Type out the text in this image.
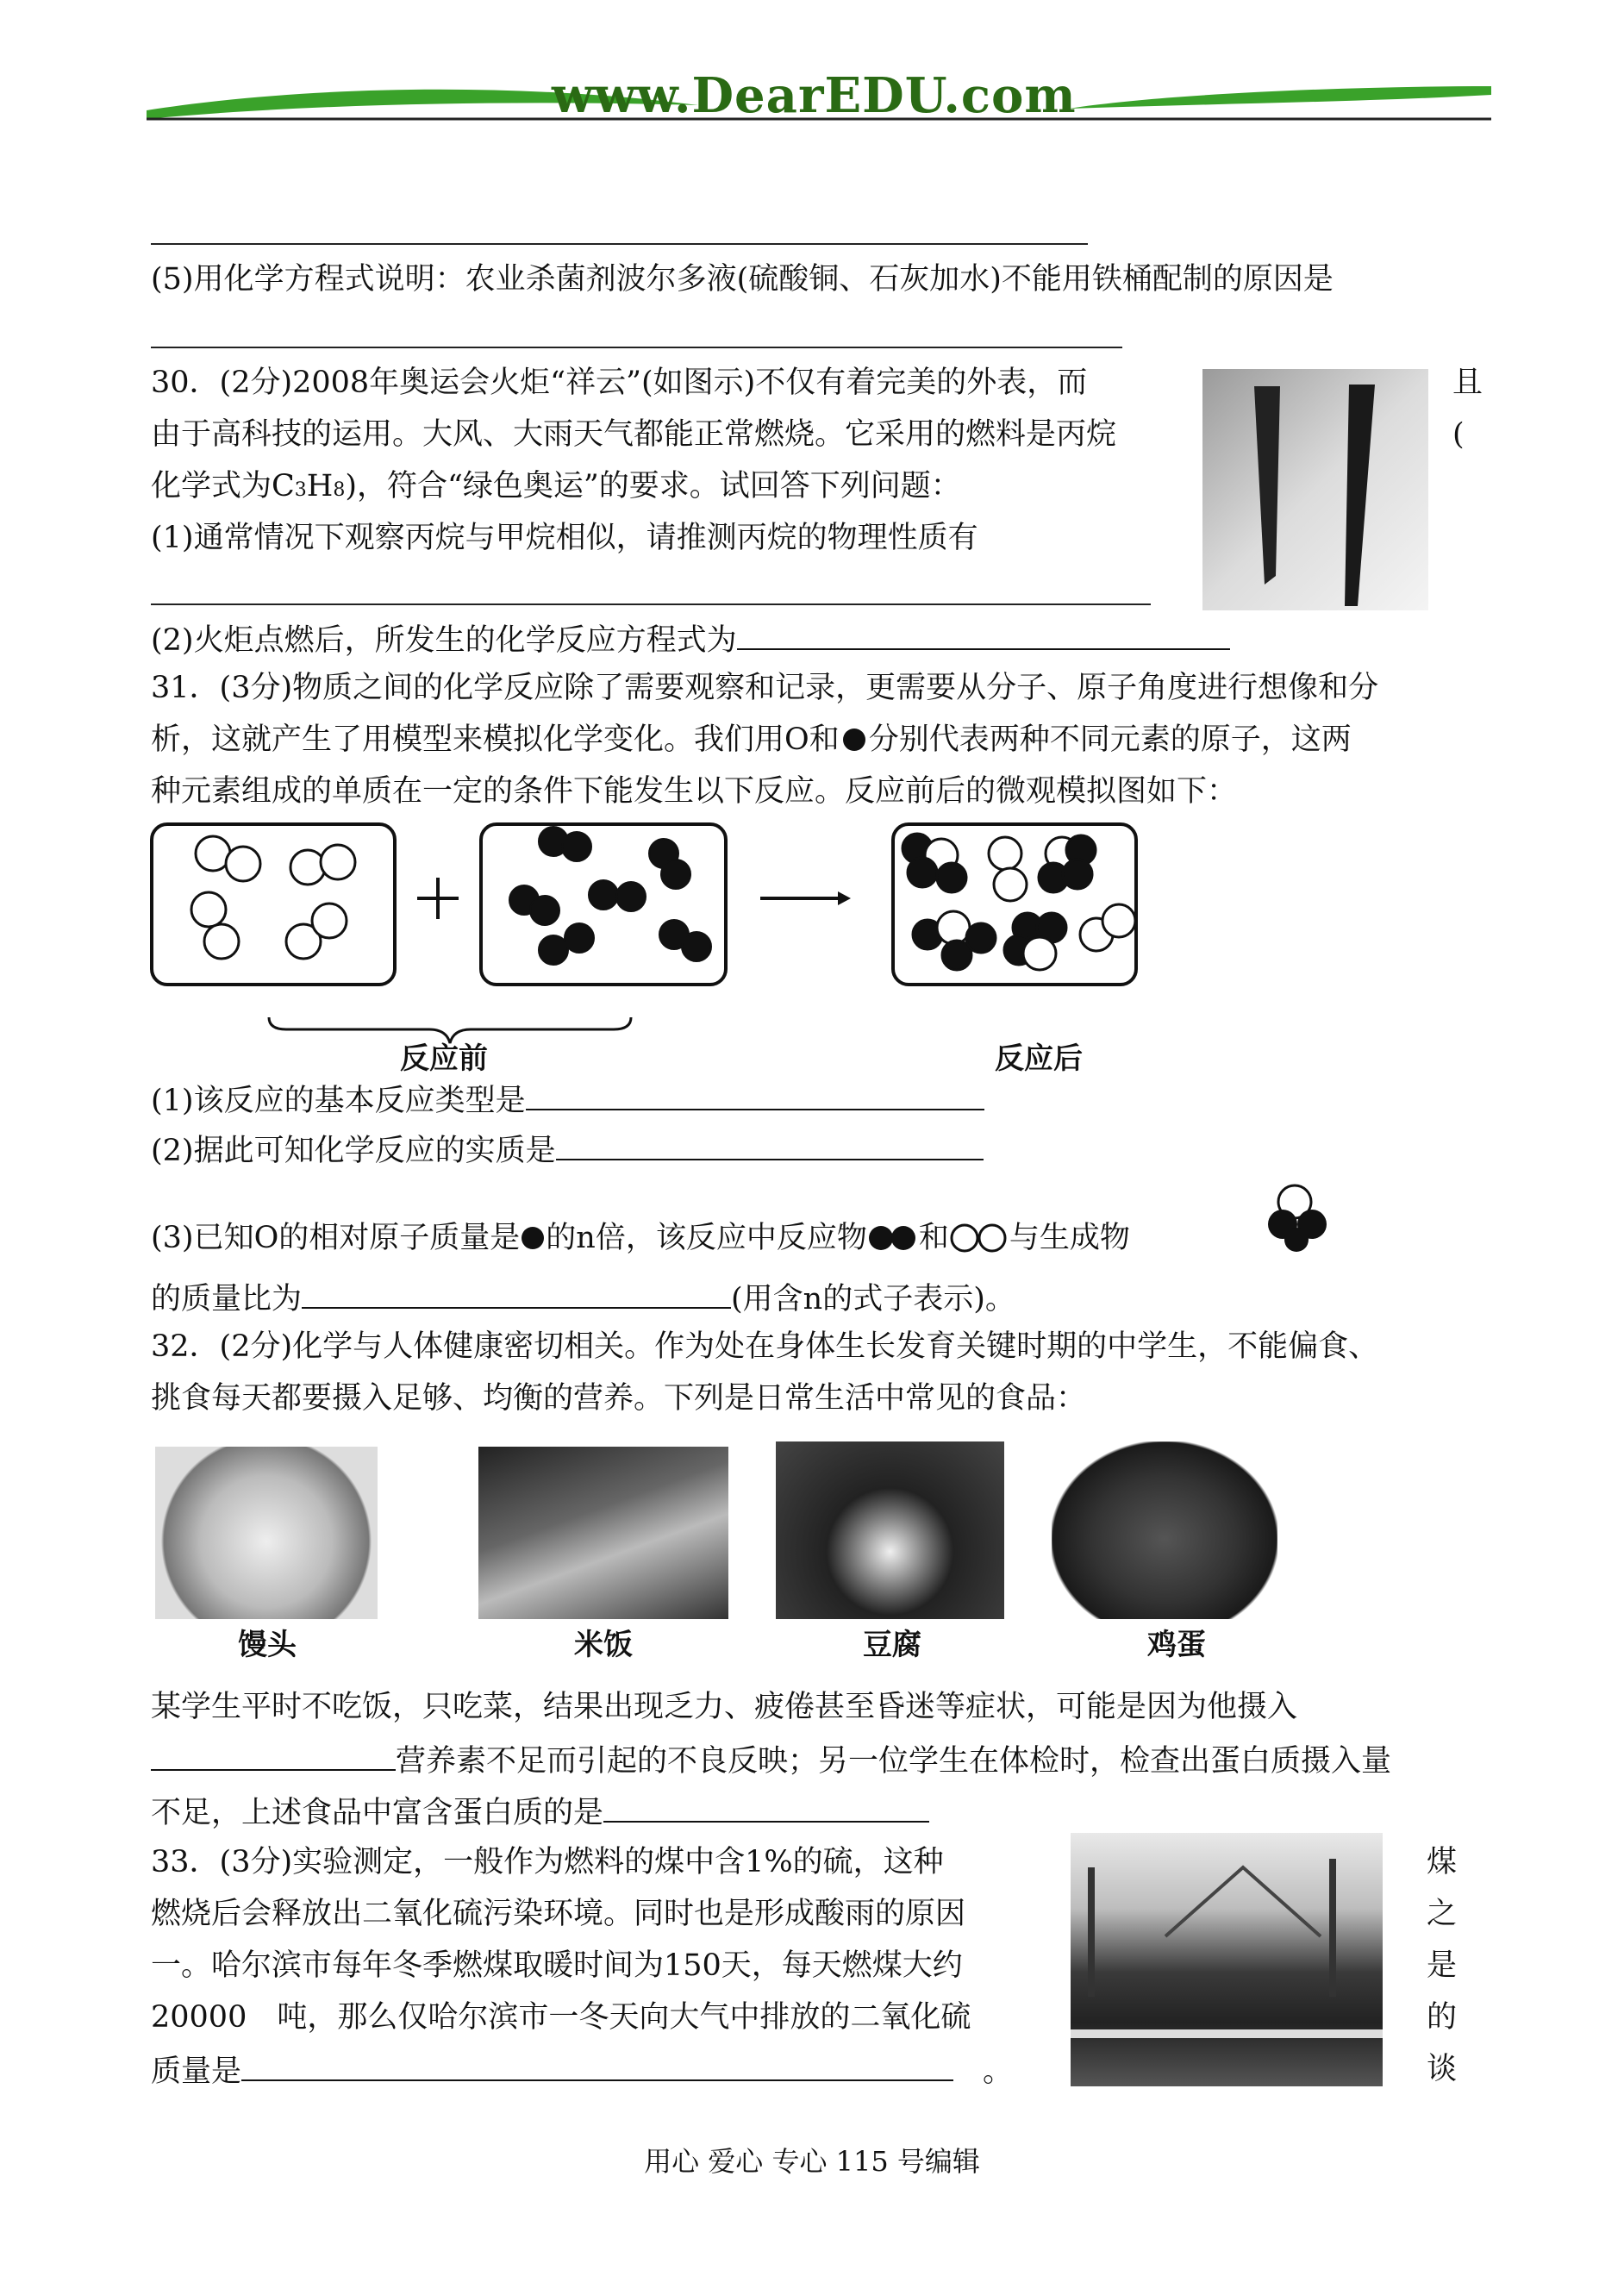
www.DearEDU.com
(5)用化学方程式说明：农业杀菌剂波尔多液(硫酸铜、石灰加水)不能用铁桶配制的原因是
30．(2分)2008年奥运会火炬“祥云”(如图示)不仅有着完美的外表，而	且
由于高科技的运用。大风、大雨天气都能正常燃烧。它采用的燃料是丙烷	(
化学式为C3H8)，符合“绿色奥运”的要求。试回答下列问题：
(1)通常情况下观察丙烷与甲烷相似，请推测丙烷的物理性质有
(2)火炬点燃后，所发生的化学反应方程式为
31．(3分)物质之间的化学反应除了需要观察和记录，更需要从分子、原子角度进行想像和分
析，这就产生了用模型来模拟化学变化。我们用O和 分别代表两种不同元素的原子，这两
种元素组成的单质在一定的条件下能发生以下反应。反应前后的微观模拟图如下：
反应前	反应后
(1)该反应的基本反应类型是
(2)据此可知化学反应的实质是
(3)已知O的相对原子质量是 的n倍，该反应中反应物 和 与生成物
的质量比为	(用含n的式子表示)。
32．(2分)化学与人体健康密切相关。作为处在身体生长发育关键时期的中学生，不能偏食、
挑食每天都要摄入足够、均衡的营养。下列是日常生活中常见的食品：
馒头	米饭	豆腐	鸡蛋
某学生平时不吃饭，只吃菜，结果出现乏力、疲倦甚至昏迷等症状，可能是因为他摄入
营养素不足而引起的不良反映；另一位学生在体检时，检查出蛋白质摄入量
不足，上述食品中富含蛋白质的是
33．(3分)实验测定，一般作为燃料的煤中含1%的硫，这种	煤
燃烧后会释放出二氧化硫污染环境。同时也是形成酸雨的原因	之
一。哈尔滨市每年冬季燃煤取暖时间为150天，每天燃煤大约	是
20000　吨，那么仅哈尔滨市一冬天向大气中排放的二氧化硫	的
质量是	。	谈
用心 爱心 专心 115 号编辑
